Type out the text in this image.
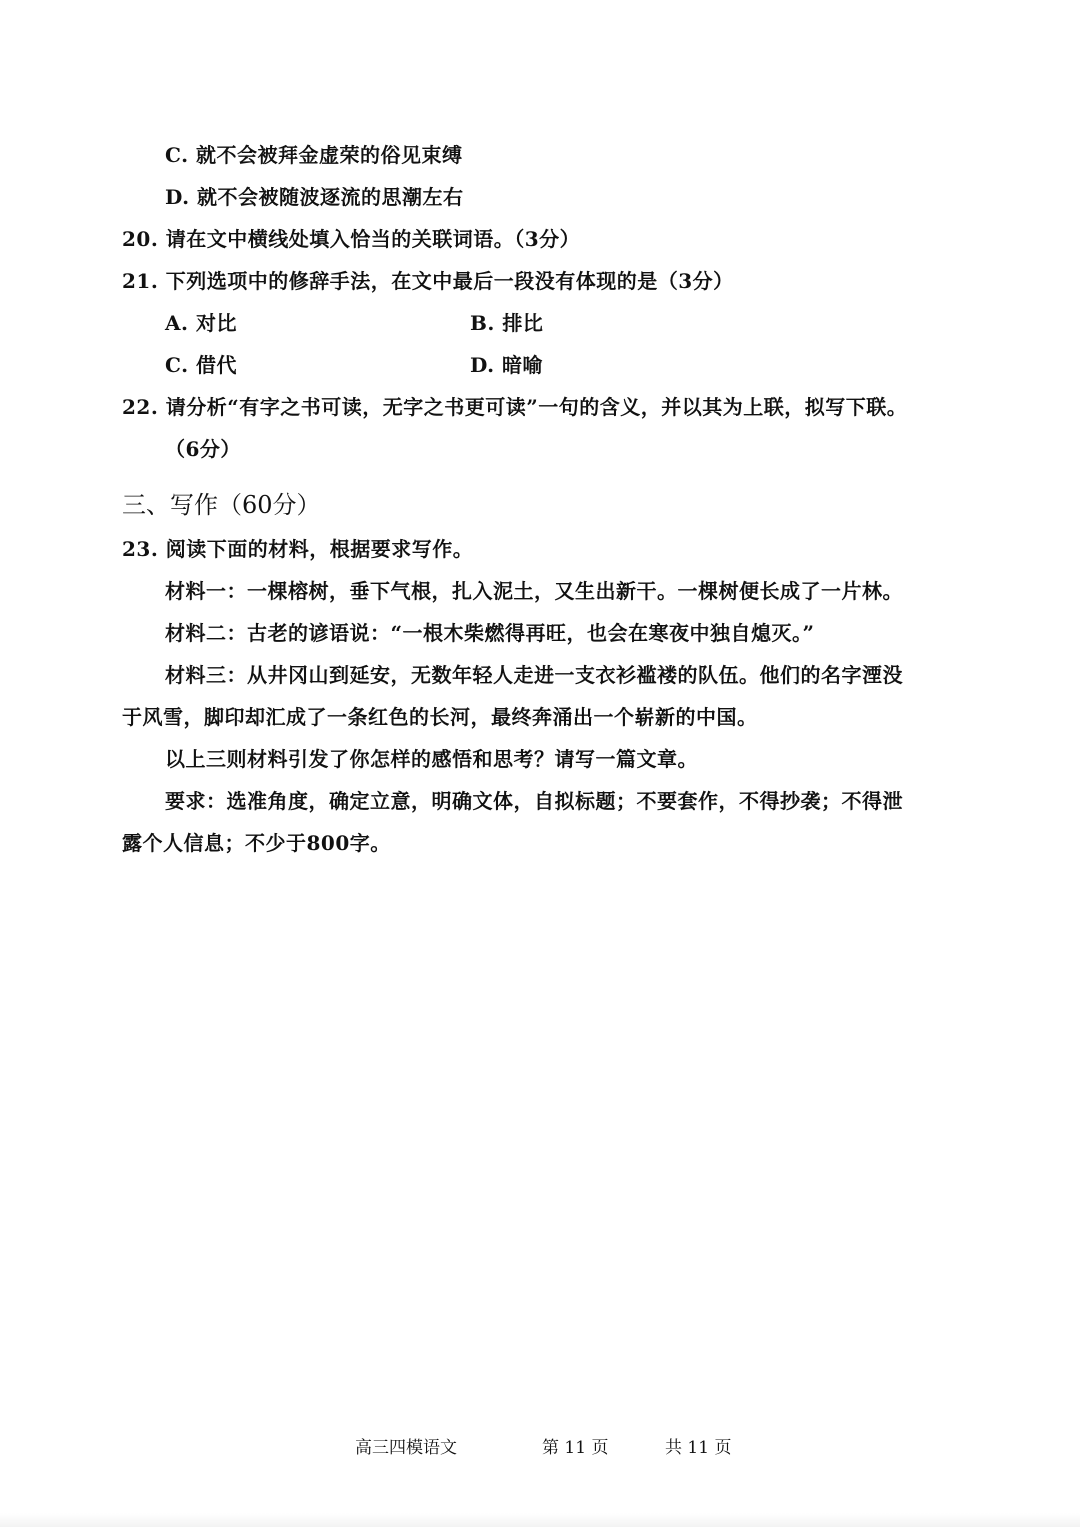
C. 就不会被拜金虚荣的俗见束缚
D. 就不会被随波逐流的思潮左右
20. 请在文中横线处填入恰当的关联词语。（3分）
21. 下列选项中的修辞手法，在文中最后一段没有体现的是（3分）
A. 对比	B. 排比
C. 借代	D. 暗喻
22. 请分析“有字之书可读，无字之书更可读”一句的含义，并以其为上联，拟写下联。
（6分）
三、写作（60分）
23. 阅读下面的材料，根据要求写作。
材料一：一棵榕树，垂下气根，扎入泥土，又生出新干。一棵树便长成了一片林。
材料二：古老的谚语说：“一根木柴燃得再旺，也会在寒夜中独自熄灭。”
材料三：从井冈山到延安，无数年轻人走进一支衣衫褴褛的队伍。他们的名字湮没
于风雪，脚印却汇成了一条红色的长河，最终奔涌出一个崭新的中国。
以上三则材料引发了你怎样的感悟和思考？请写一篇文章。
要求：选准角度，确定立意，明确文体，自拟标题；不要套作，不得抄袭；不得泄
露个人信息；不少于800字。
高三四模语文	第 11 页	共 11 页
